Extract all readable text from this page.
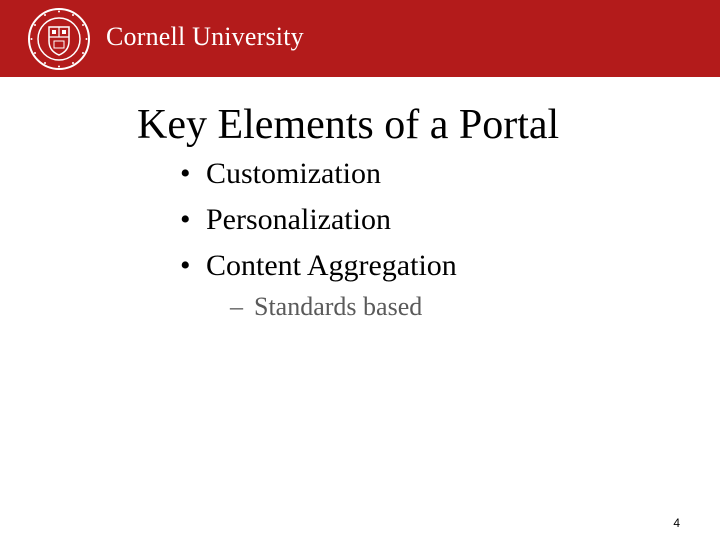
Cornell University
Key Elements of a Portal
• Customization
• Personalization
• Content Aggregation
– Standards based
4
